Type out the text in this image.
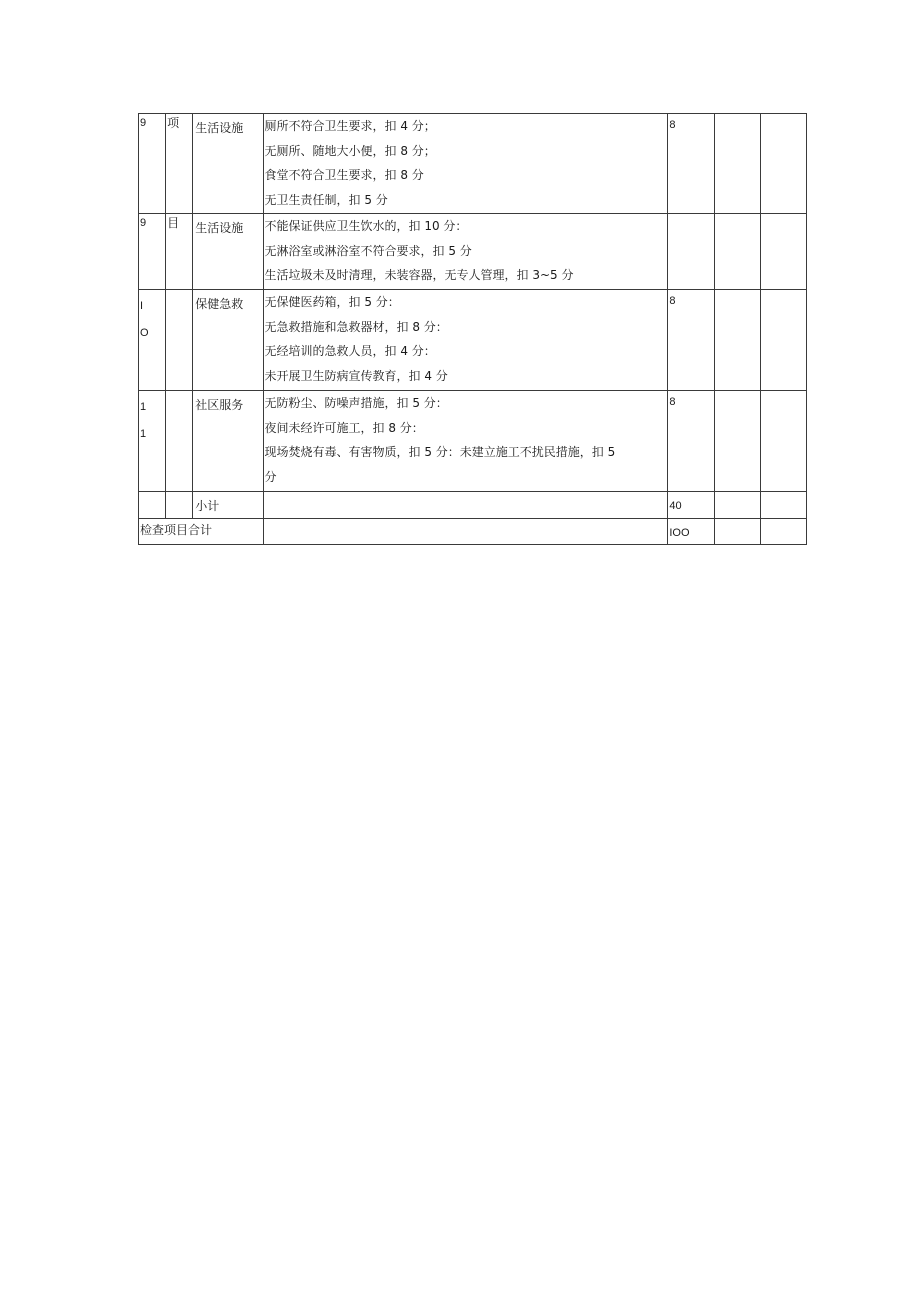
9	项	生活设施	厕所不符合卫生要求，扣 4 分；
无厕所、随地大小便，扣 8 分；
食堂不符合卫生要求，扣 8 分
无卫生责任制，扣 5 分	8		

9	目	生活设施	不能保证供应卫生饮水的，扣 10 分：
无淋浴室或淋浴室不符合要求，扣 5 分
生活垃圾未及时清理，未装容器，无专人管理，扣 3~5 分			

I
O		保健急救	无保健医药箱，扣 5 分：
无急救措施和急救器材，扣 8 分：
无经培训的急救人员，扣 4 分：
未开展卫生防病宣传教育，扣 4 分	8		

1
1		社区服务	无防粉尘、防噪声措施，扣 5 分：
夜间未经许可施工，扣 8 分：
现场焚烧有毒、有害物质，扣 5 分：未建立施工不扰民措施，扣 5
分	8		

		小计		40		

检查项目合计				IOO		
